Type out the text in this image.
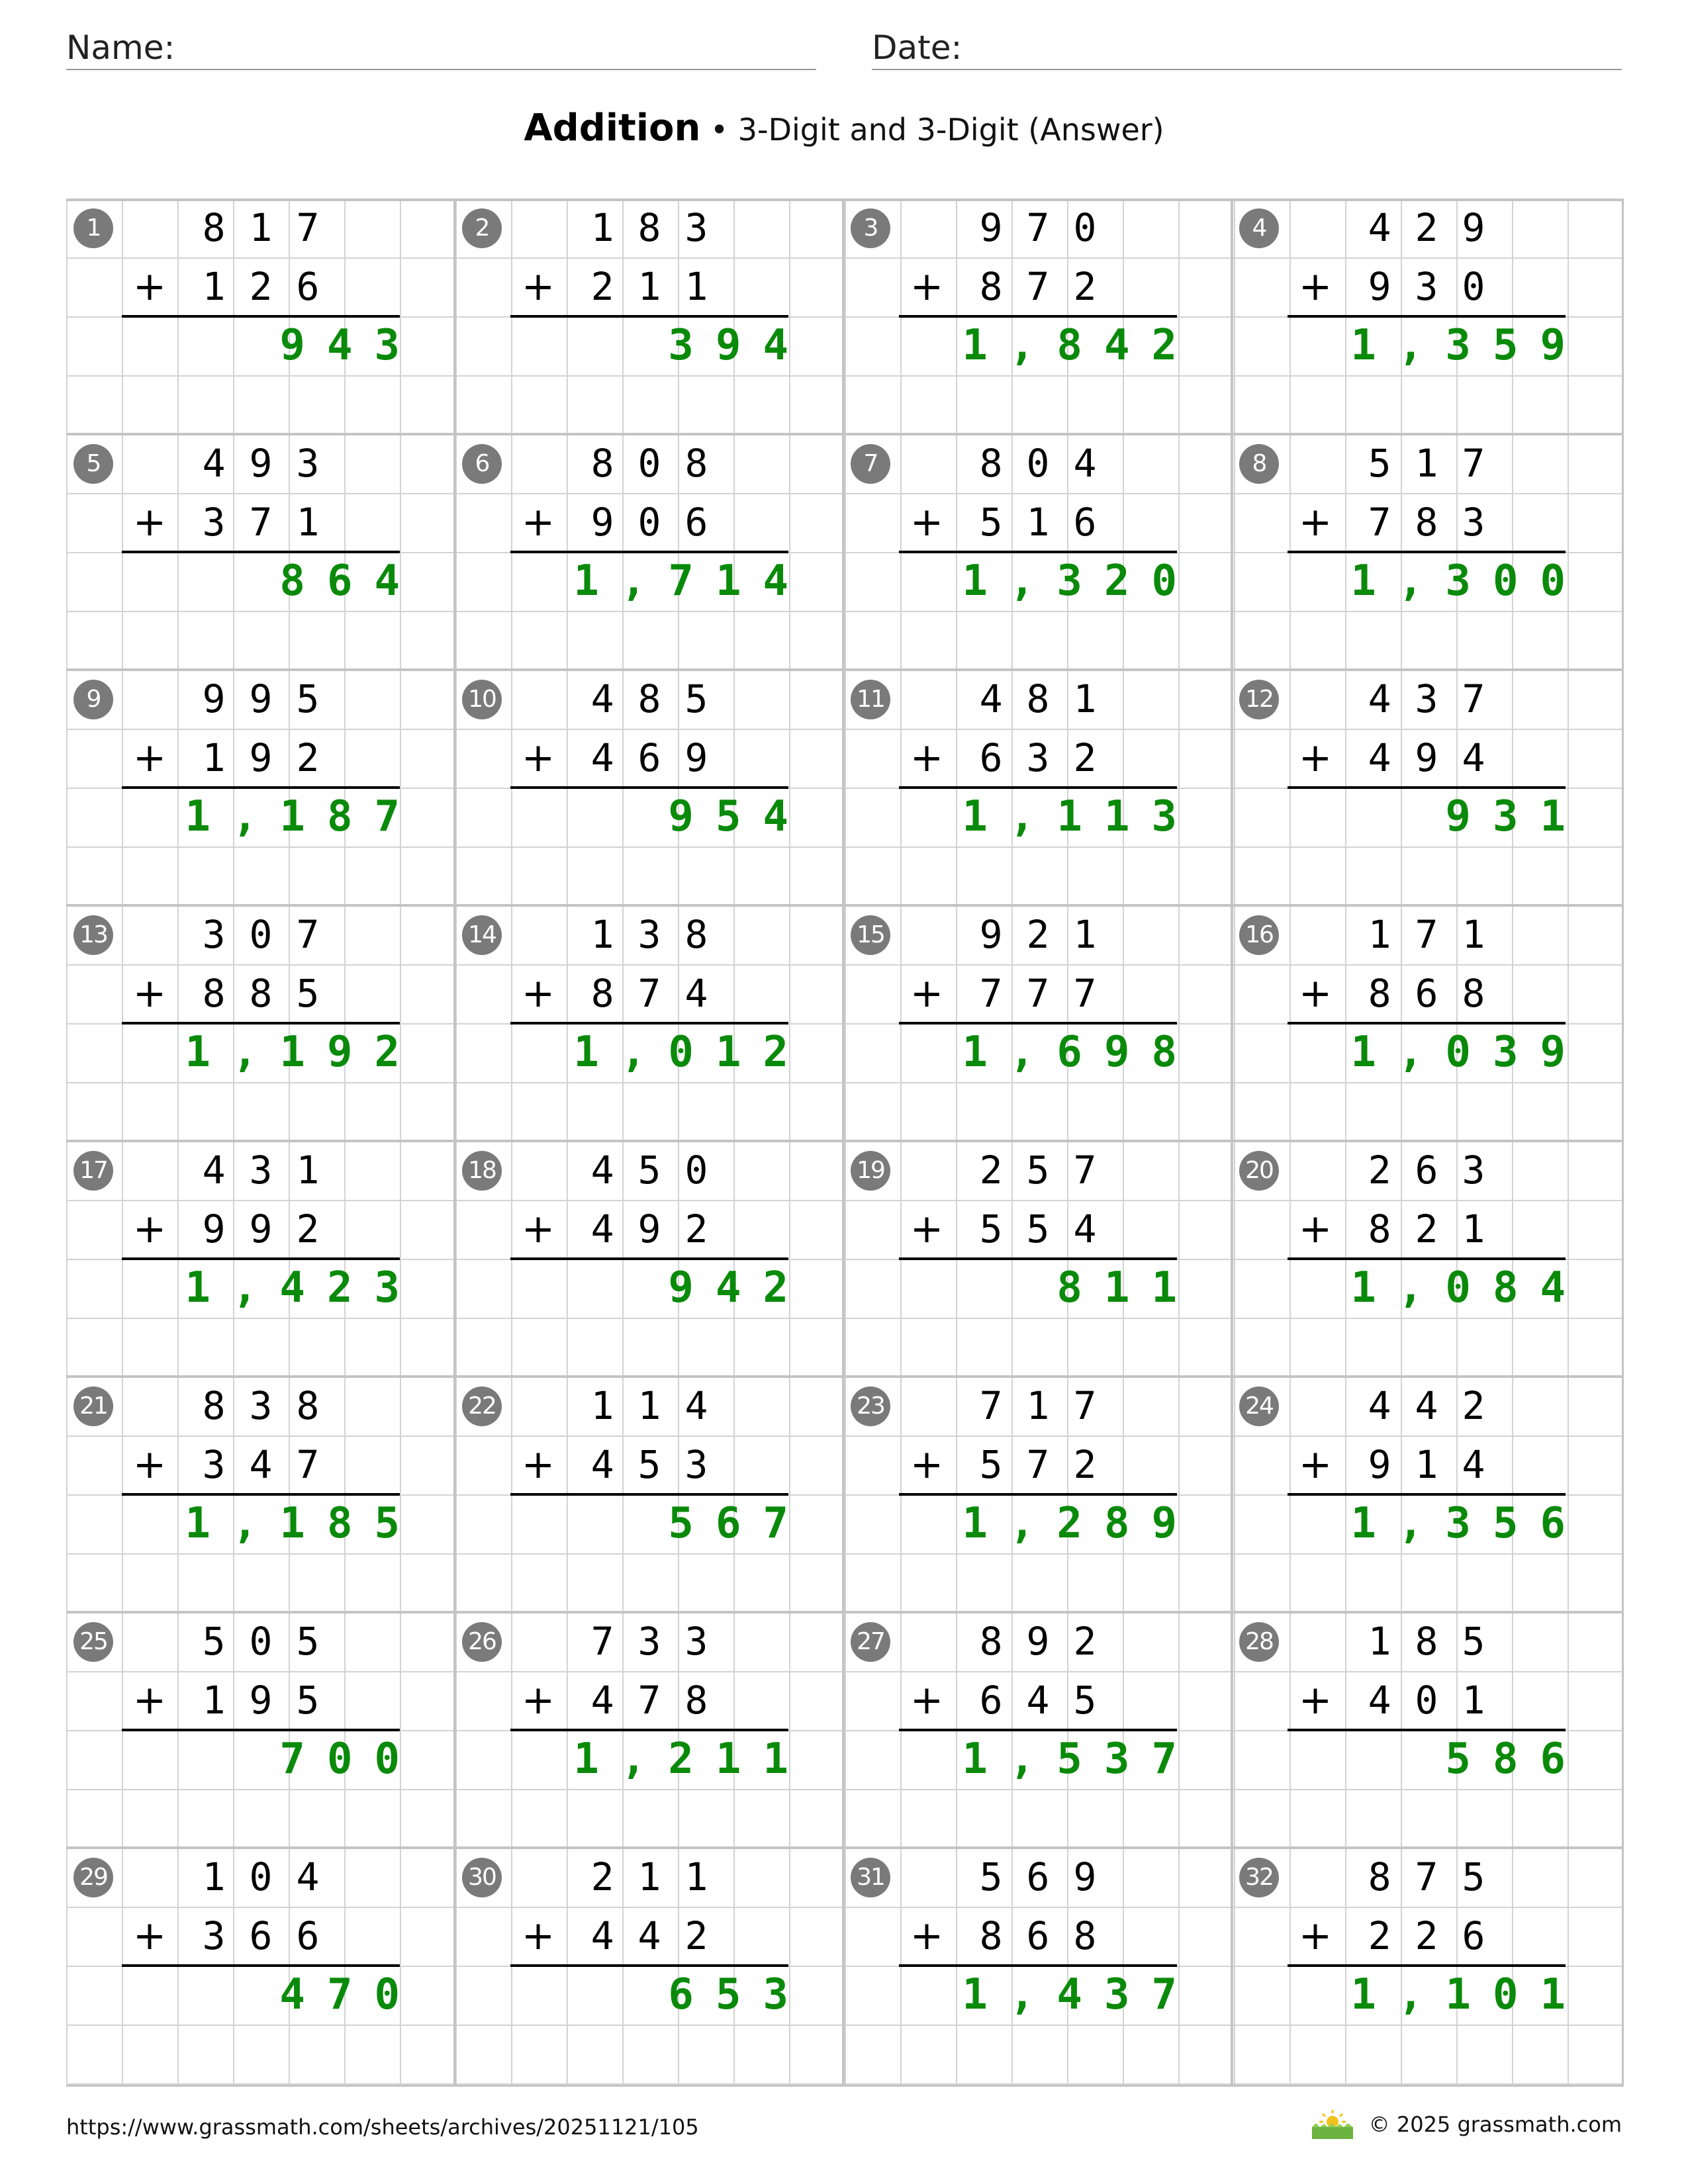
Name:	Date:
Addition • 3-Digit and 3-Digit (Answer)
1	817
126
+
943
2	183
211
+
394
3	970
872
+
1,842
4	429
930
+
1,359
5	493
371
+
864
6	808
906
+
1,714
7	804
516
+
1,320
8	517
783
+
1,300
9	995
192
+
1,187
10	485
469
+
954
11	481
632
+
1,113
12	437
494
+
931
13	307
885
+
1,192
14	138
874
+
1,012
15	921
777
+
1,698
16	171
868
+
1,039
17	431
992
+
1,423
18	450
492
+
942
19	257
554
+
811
20	263
821
+
1,084
21	838
347
+
1,185
22	114
453
+
567
23	717
572
+
1,289
24	442
914
+
1,356
25	505
195
+
700
26	733
478
+
1,211
27	892
645
+
1,537
28	185
401
+
586
29	104
366
+
470
30	211
442
+
653
31	569
868
+
1,437
32	875
226
+
1,101
https://www.grassmath.com/sheets/archives/20251121/105	© 2025 grassmath.com
